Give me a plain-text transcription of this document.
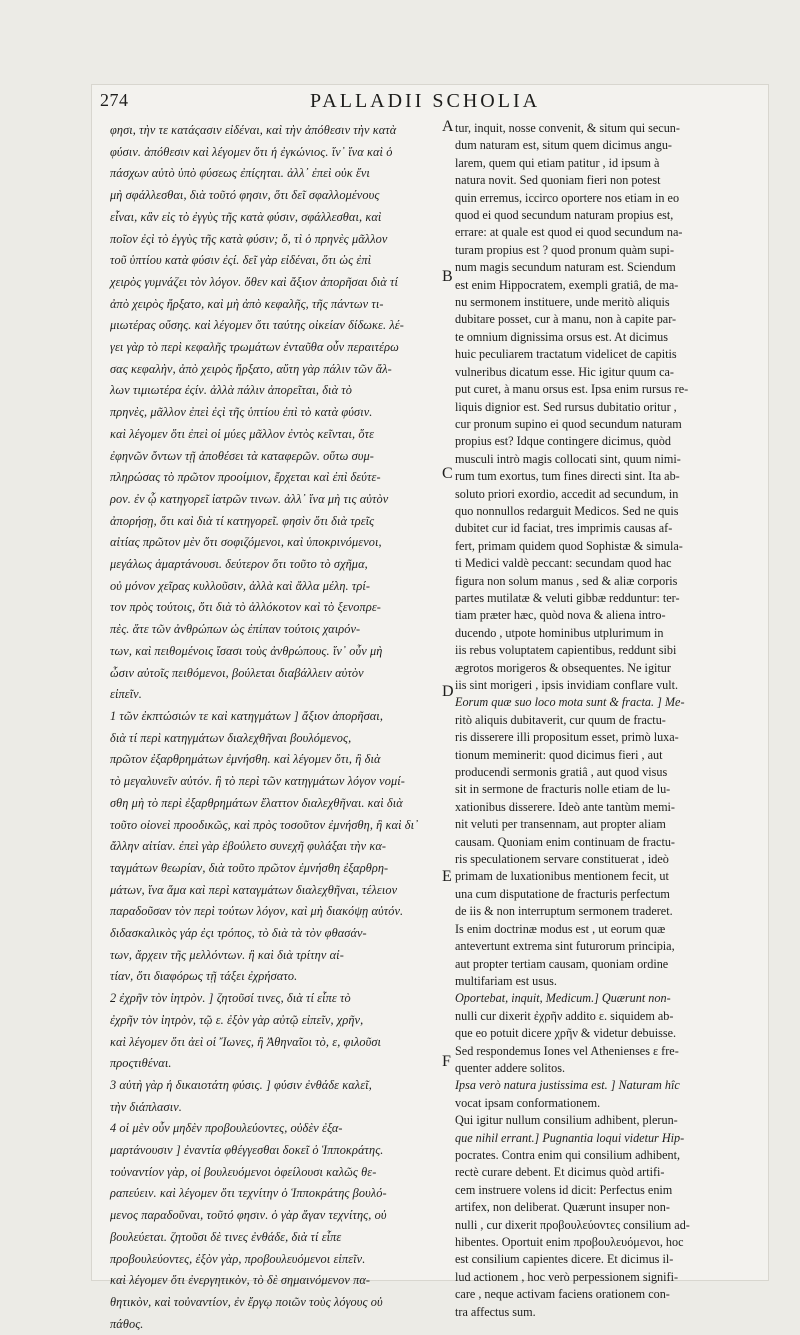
274	PALLADII SCHOLIA
A
B
C
D
E
F
φησι, τὴν τε κατάςασιν εἰδέναι, καὶ τὴν ἀπόθεσιν τὴν κατὰ
φύσιν. ἀπόθεσιν καὶ λέγομεν ὅτι ἡ ἐγκώνιος. ἵν᾽ ἵνα καὶ ὁ
πάσχων αὐτὸ ὑπὸ φύσεως ἐπίςηται. ἀλλ᾽ ἐπεὶ οὐκ ἔνι
μὴ σφάλλεσθαι, διὰ τοῦτό φησιν, ὅτι δεῖ σφαλλομένους
εἶναι, κἂν εἰς τὸ ἐγγὺς τῆς κατὰ φύσιν, σφάλλεσθαι, καὶ
ποῖον ἐςὶ τὸ ἐγγὺς τῆς κατὰ φύσιν; ὅ, τὶ ὁ πρηνὲς μᾶλλον
τοῦ ὑπτίου κατὰ φύσιν ἐςί. δεῖ γὰρ εἰδέναι, ὅτι ὡς ἐπὶ
χειρὸς γυμνάζει τὸν λόγον. ὅθεν καὶ ἄξιον ἀπορῆσαι διὰ τί
ἀπὸ χειρὸς ἤρξατο, καὶ μὴ ἀπὸ κεφαλῆς, τῆς πάντων τι-
μιωτέρας οὔσης. καὶ λέγομεν ὅτι ταύτης οἰκείαν δίδωκε. λέ-
γει γὰρ τὸ περὶ κεφαλῆς τρωμάτων ἐνταῦθα οὖν περαιτέρω
σας κεφαλὴν, ἀπὸ χειρὸς ἤρξατο, αὕτη γὰρ πάλιν τῶν ἄλ-
λων τιμιωτέρα ἐςίν. ἀλλὰ πάλιν ἀπορεῖται, διὰ τὸ
πρηνὲς, μᾶλλον ἐπεὶ ἐςὶ τῆς ὑπτίου ἐπὶ τὸ κατὰ φύσιν.
καὶ λέγομεν ὅτι ἐπεὶ οἱ μύες μᾶλλον ἐντὸς κεῖνται, ὅτε
ἐφηνῶν ὄντων τῇ ἀποθέσει τὰ καταφερῶν. οὕτω συμ-
πληρώσας τὸ πρῶτον προοίμιον, ἔρχεται καὶ ἐπὶ δεύτε-
ρον. ἐν ᾧ κατηγορεῖ ἰατρῶν τινων. ἀλλ᾽ ἵνα μὴ τις αὐτὸν
ἀπορήσῃ, ὅτι καὶ διὰ τί κατηγορεῖ. φησὶν ὅτι διὰ τρεῖς
αἰτίας πρῶτον μὲν ὅτι σοφιζόμενοι, καὶ ὑποκρινόμενοι,
μεγάλως ἁμαρτάνουσι. δεύτερον ὅτι τοῦτο τὸ σχῆμα,
οὐ μόνον χεῖρας κυλλοῦσιν, ἀλλὰ καὶ ἄλλα μέλη. τρί-
τον πρὸς τούτοις, ὅτι διὰ τὸ ἀλλόκοτον καὶ τὸ ξενοπρε-
πὲς. ἅτε τῶν ἀνθρώπων ὡς ἐπίπαν τούτοις χαιρόν-
των, καὶ πειθομένοις ἴσασι τοὺς ἀνθρώπους. ἵν᾽ οὖν μὴ
ὦσιν αὐτοῖς πειθόμενοι, βούλεται διαβάλλειν αὐτὸν
εἰπεῖν.
1 τῶν ἐκπτώσιών τε καὶ κατηγμάτων ] ἄξιον ἀπορῆσαι,
διὰ τί περὶ κατηγμάτων διαλεχθῆναι βουλόμενος,
πρῶτον ἐξαρθρημάτων ἐμνήσθη. καὶ λέγομεν ὅτι, ἢ διὰ
τὸ μεγαλυνεῖν αὐτόν. ἢ τὸ περὶ τῶν κατηγμάτων λόγον νομί-
σθη μὴ τὸ περὶ ἐξαρθρημάτων ἔλαττον διαλεχθῆναι. καὶ διὰ
τοῦτο οἰονεὶ προοδικῶς, καὶ πρὸς τοσοῦτον ἐμνήσθη, ἢ καὶ δι᾽
ἄλλην αἰτίαν. ἐπεὶ γὰρ ἐβούλετο συνεχῆ φυλάξαι τὴν κα-
ταγμάτων θεωρίαν, διὰ τοῦτο πρῶτον ἐμνήσθη ἐξαρθρη-
μάτων, ἵνα ἅμα καὶ περὶ καταγμάτων διαλεχθῆναι, τέλειον
παραδοῦσαν τὸν περὶ τούτων λόγον, καὶ μὴ διακόψῃ αὐτόν.
διδασκαλικὸς γάρ ἐςι τρόπος, τὸ διὰ τὰ τὸν φθασάν-
των, ἄρχειν τῆς μελλόντων. ἢ καὶ διὰ τρίτην αἰ-
τίαν, ὅτι διαφόρως τῇ τάξει ἐχρήσατο.
2 ἐχρῆν τὸν ἰητρὸν. ] ζητοῦσί τινες, διὰ τί εἶπε τὸ
ἐχρῆν τὸν ἰητρὸν, τῷ ε. ἐξὸν γὰρ αὐτῷ εἰπεῖν, χρῆν,
καὶ λέγομεν ὅτι ἀεὶ οἱ Ἴωνες, ἢ Ἀθηναῖοι τὸ, ε, φιλοῦσι
προςτιθέναι.
3 αὐτὴ γὰρ ἡ δικαιοτάτη φύσις. ] φύσιν ἐνθάδε καλεῖ,
τὴν διάπλασιν.
4 οἱ μὲν οὖν μηδὲν προβουλεύοντες, οὐδὲν ἐξα-
μαρτάνουσιν ] ἐναντία φθέγγεσθαι δοκεῖ ὁ Ἱπποκράτης.
τοὐναντίον γὰρ, οἱ βουλευόμενοι ὀφείλουσι καλῶς θε-
ραπεύειν. καὶ λέγομεν ὅτι τεχνίτην ὁ Ἱπποκράτης βουλό-
μενος παραδοῦναι, τοῦτό φησιν. ὁ γὰρ ἄγαν τεχνίτης, οὐ
βουλεύεται. ζητοῦσι δὲ τινες ἐνθάδε, διὰ τί εἶπε
προβουλεύοντες, ἐξὸν γὰρ, προβουλευόμενοι εἰπεῖν.
καὶ λέγομεν ὅτι ἐνεργητικὸν, τὸ δὲ σημαινόμενον πα-
θητικὸν, καὶ τοὐναντίον, ἐν ἔργῳ ποιῶν τοὺς λόγους οὐ
πάθος.
tur, inquit, nosse convenit, & situm qui secun-
dum naturam est, situm quem dicimus angu-
larem, quem qui etiam patitur , id ipsum à
natura novit. Sed quoniam fieri non potest
quin erremus, iccirco oportere nos etiam in eo
quod ei quod secundum naturam propius est,
errare: at quale est quod ei quod secundum na-
turam propius est ? quod pronum quàm supi-
num magis secundum naturam est. Sciendum
est enim Hippocratem, exempli gratiâ, de ma-
nu sermonem instituere, unde meritò aliquis
dubitare posset, cur à manu, non à capite par-
te omnium dignissima orsus est. At dicimus
huic peculiarem tractatum videlicet de capitis
vulneribus dicatum esse. Hic igitur quum ca-
put curet, à manu orsus est. Ipsa enim rursus re-
liquis dignior est. Sed rursus dubitatio oritur ,
cur pronum supino ei quod secundum naturam
propius est? Idque contingere dicimus, quòd
musculi intrò magis collocati sint, quum nimi-
rum tum exortus, tum fines directi sint. Ita ab-
soluto priori exordio, accedit ad secundum, in
quo nonnullos redarguit Medicos. Sed ne quis
dubitet cur id faciat, tres imprimis causas af-
fert, primam quidem quod Sophistæ & simula-
ti Medici valdè peccant: secundam quod hac
figura non solum manus , sed & aliæ corporis
partes mutilatæ & veluti gibbæ redduntur: ter-
tiam præter hæc, quòd nova & aliena intro-
ducendo , utpote hominibus utplurimum in
iis rebus voluptatem capientibus, reddunt sibi
ægrotos morigeros & obsequentes. Ne igitur
iis sint morigeri , ipsis invidiam conflare vult.
Eorum quæ suo loco mota sunt & fracta. ] Me-
ritò aliquis dubitaverit, cur quum de fractu-
ris disserere illi propositum esset, primò luxa-
tionum meminerit: quod dicimus fieri , aut
producendi sermonis gratiâ , aut quod visus
sit in sermone de fracturis nolle etiam de lu-
xationibus disserere. Ideò ante tantùm memi-
nit veluti per transennam, aut propter aliam
causam. Quoniam enim continuam de fractu-
ris speculationem servare constituerat , ideò
primam de luxationibus mentionem fecit, ut
una cum disputatione de fracturis perfectum
de iis & non interruptum sermonem traderet.
Is enim doctrinæ modus est , ut eorum quæ
antevertunt extrema sint futurorum principia,
aut propter tertiam causam, quoniam ordine
multifariam est usus.
Oportebat, inquit, Medicum.] Quærunt non-
nulli cur dixerit ἐχρῆν addito ε. siquidem ab-
que eo potuit dicere χρῆν & videtur debuisse.
Sed respondemus Iones vel Athenienses ε fre-
quenter addere solitos.
Ipsa verò natura justissima est. ] Naturam hîc
vocat ipsam conformationem.
Qui igitur nullum consilium adhibent, plerun-
que nihil errant.] Pugnantia loqui videtur Hip-
pocrates. Contra enim qui consilium adhibent,
rectè curare debent. Et dicimus quòd artifi-
cem instruere volens id dicit: Perfectus enim
artifex, non deliberat. Quærunt insuper non-
nulli , cur dixerit προβουλεύοντες consilium ad-
hibentes. Oportuit enim προβουλευόμενοι, hoc
est consilium capientes dicere. Et dicimus il-
lud actionem , hoc verò perpessionem signifi-
care , neque activam faciens orationem con-
tra affectus sum.
